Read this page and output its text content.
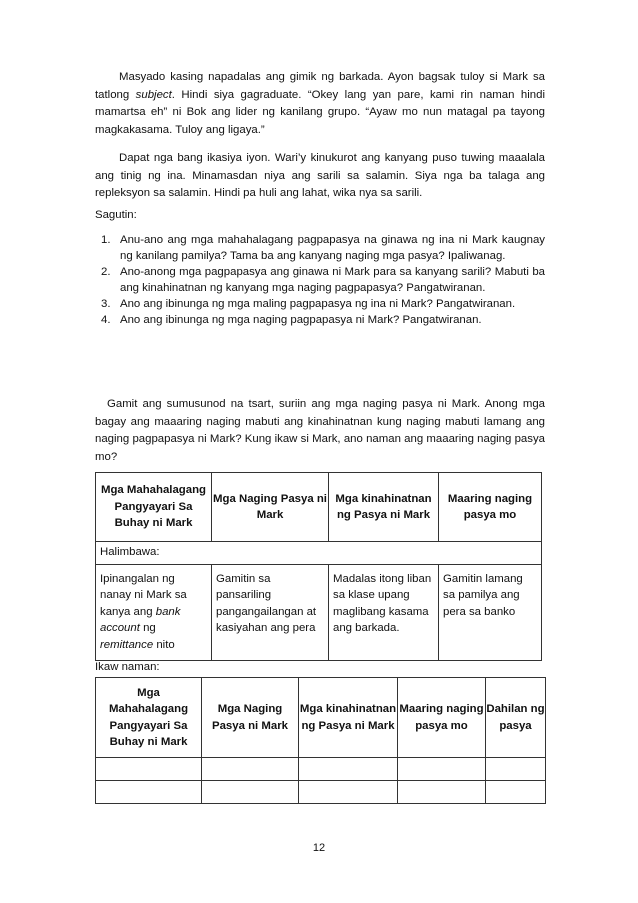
Masyado kasing napadalas ang gimik ng barkada. Ayon bagsak tuloy si Mark sa tatlong subject. Hindi siya gagraduate. “Okey lang yan pare, kami rin naman hindi mamartsa eh” ni Bok ang lider ng kanilang grupo. “Ayaw mo nun matagal pa tayong magkakasama. Tuloy ang ligaya.”

Dapat nga bang ikasiya iyon. Wari’y kinukurot ang kanyang puso tuwing maaalala ang tinig ng ina. Minamasdan niya ang sarili sa salamin. Siya nga ba talaga ang repleksyon sa salamin. Hindi pa huli ang lahat, wika nya sa sarili.

Sagutin:

1. Anu-ano ang mga mahahalagang pagpapasya na ginawa ng ina ni Mark kaugnay ng kanilang pamilya? Tama ba ang kanyang naging mga pasya? Ipaliwanag.
2. Ano-anong mga pagpapasya ang ginawa ni Mark para sa kanyang sarili? Mabuti ba ang kinahinatnan ng kanyang mga naging pagpapasya? Pangatwiranan.
3. Ano ang ibinunga ng mga maling pagpapasya ng ina ni Mark? Pangatwiranan.
4. Ano ang ibinunga ng mga naging pagpapasya ni Mark? Pangatwiranan.

Gamit ang sumusunod na tsart, suriin ang mga naging pasya ni Mark. Anong mga bagay ang maaaring naging mabuti ang kinahinatnan kung naging mabuti lamang ang naging pagpapasya ni Mark? Kung ikaw si Mark, ano naman ang maaaring naging pasya mo?

Mga Mahahalagang Pangyayari Sa Buhay ni Mark	Mga Naging Pasya ni Mark	Mga kinahinatnan ng Pasya ni Mark	Maaring naging pasya mo

Halimbawa:			

Ipinangalan ng nanay ni Mark sa kanya ang bank account ng remittance nito	Gamitin sa pansariling pangangailangan at kasiyahan ang pera	Madalas itong liban sa klase upang maglibang kasama ang barkada.	Gamitin lamang sa pamilya ang pera sa banko

Ikaw naman:

Mga Mahahalagang Pangyayari Sa Buhay ni Mark	Mga Naging Pasya ni Mark	Mga kinahinatnan ng Pasya ni Mark	Maaring naging pasya mo	Dahilan ng pasya

12
